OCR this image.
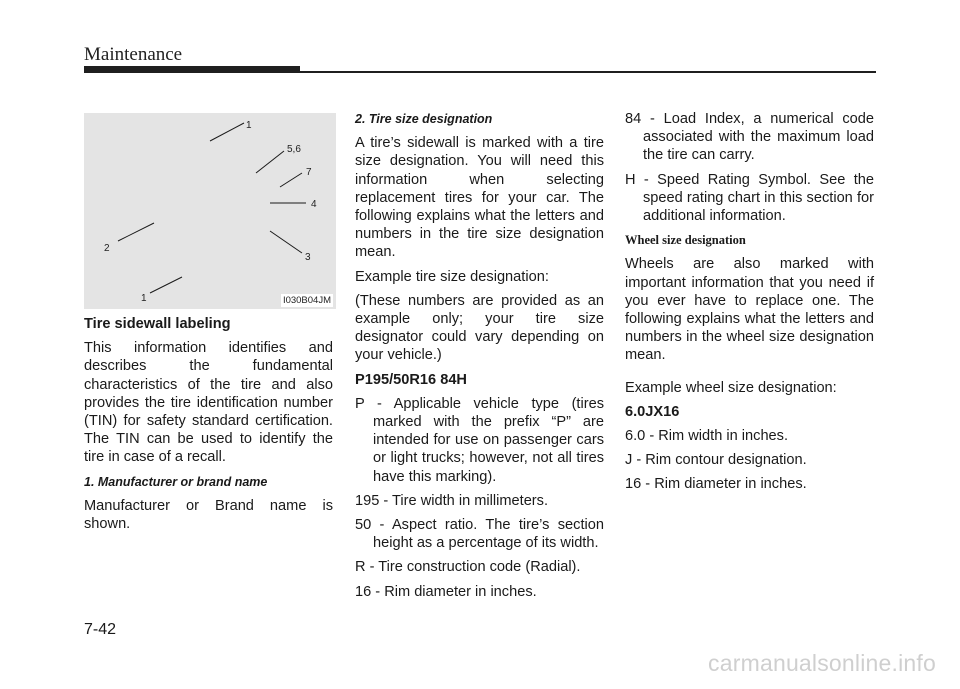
Maintenance
1
5,6
7
4
3
2
1	I030B04JM

Tire sidewall labeling

This information identifies and describes the fundamental characteristics of the tire and also provides the tire identification number (TIN) for safety standard certification. The TIN can be used to identify the tire in case of a recall.

1. Manufacturer or brand name

Manufacturer or Brand name is shown.

2. Tire size designation

A tire’s sidewall is marked with a tire size designation. You will need this information when selecting replacement tires for your car. The following explains what the letters and numbers in the tire size designation mean.

Example tire size designation:

(These numbers are provided as an example only; your tire size designator could vary depending on your vehicle.)

P195/50R16 84H

P - Applicable vehicle type (tires marked with the prefix “P” are intended for use on passenger cars or light trucks; however, not all tires have this marking).

195 - Tire width in millimeters.

50 - Aspect ratio. The tire’s section height as a percentage of its width.

R - Tire construction code (Radial).

16 - Rim diameter in inches.

84 - Load Index, a numerical code associated with the maximum load the tire can carry.

H - Speed Rating Symbol. See the speed rating chart in this section for additional information.

Wheel size designation

Wheels are also marked with important information that you need if you ever have to replace one. The following explains what the letters and numbers in the wheel size designation mean.

Example wheel size designation:

6.0JX16

6.0 - Rim width in inches.

J - Rim contour designation.

16 - Rim diameter in inches.

7-42
carmanualsonline.info
